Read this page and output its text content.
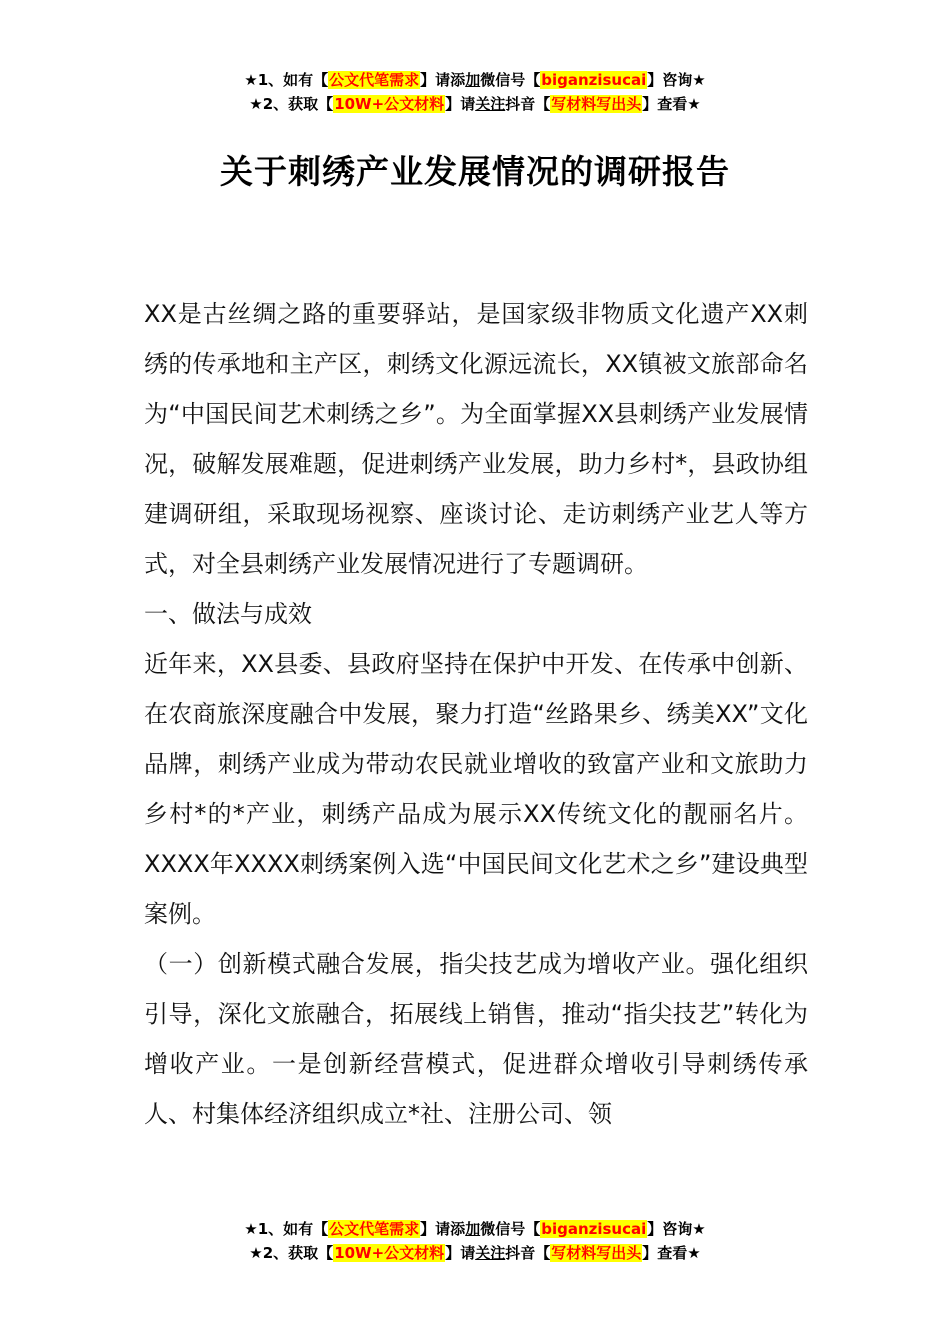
★1、如有【公文代笔需求】请添加微信号【biganzisucai】咨询★
★2、获取【10W+公文材料】请关注抖音【写材料写出头】查看★
关于刺绣产业发展情况的调研报告

XX是古丝绸之路的重要驿站，是国家级非物质文化遗产XX刺绣的传承地和主产区，刺绣文化源远流长，XX镇被文旅部命名为“中国民间艺术刺绣之乡”。为全面掌握XX县刺绣产业发展情况，破解发展难题，促进刺绣产业发展，助力乡村*，县政协组建调研组，采取现场视察、座谈讨论、走访刺绣产业艺人等方式，对全县刺绣产业发展情况进行了专题调研。

一、做法与成效

近年来，XX县委、县政府坚持在保护中开发、在传承中创新、在农商旅深度融合中发展，聚力打造“丝路果乡、绣美XX”文化品牌，刺绣产业成为带动农民就业增收的致富产业和文旅助力乡村*的*产业，刺绣产品成为展示XX传统文化的靓丽名片。XXXX年XXXX刺绣案例入选“中国民间文化艺术之乡”建设典型案例。

（一）创新模式融合发展，指尖技艺成为增收产业。强化组织引导，深化文旅融合，拓展线上销售，推动“指尖技艺”转化为增收产业。一是创新经营模式，促进群众增收引导刺绣传承人、村集体经济组织成立*社、注册公司、领

★1、如有【公文代笔需求】请添加微信号【biganzisucai】咨询★
★2、获取【10W+公文材料】请关注抖音【写材料写出头】查看★
